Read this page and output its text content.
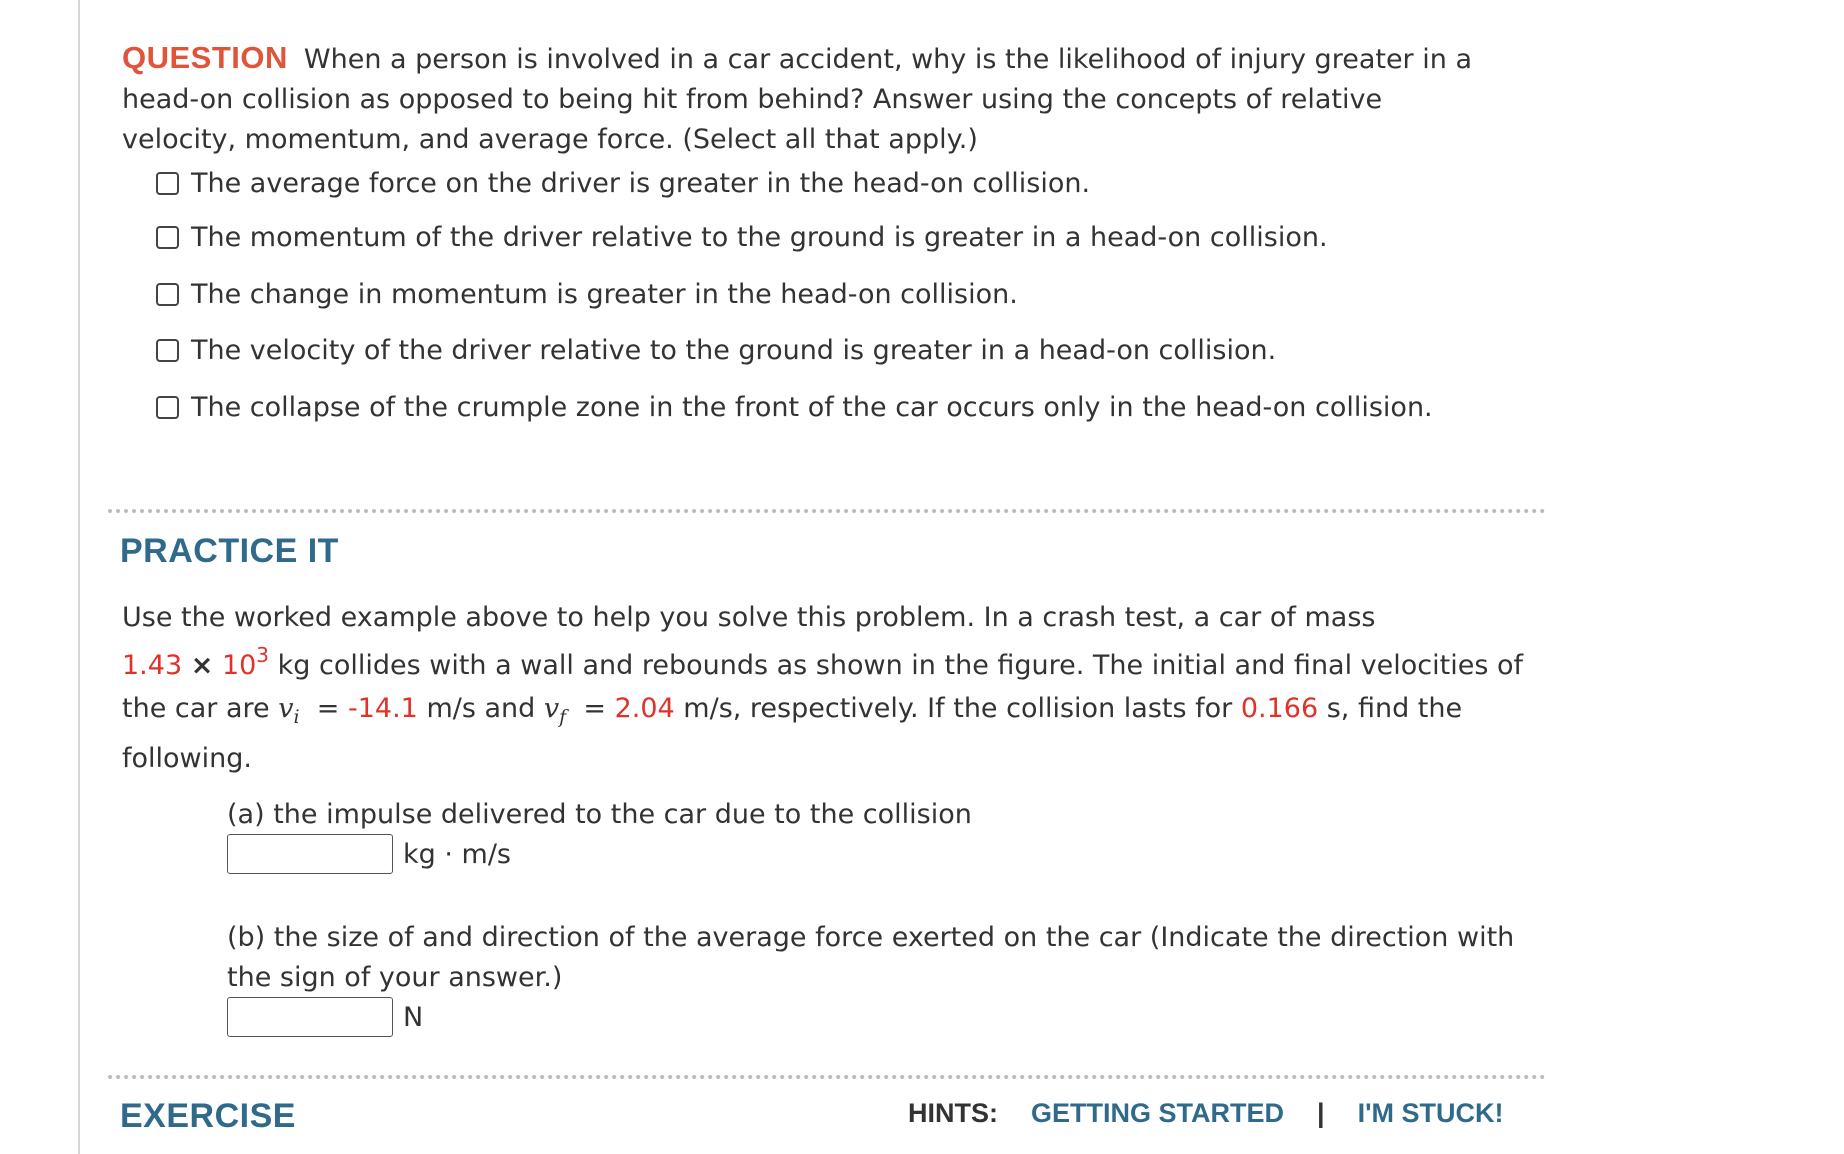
QUESTION When a person is involved in a car accident, why is the likelihood of injury greater in a head-on collision as opposed to being hit from behind? Answer using the concepts of relative velocity, momentum, and average force. (Select all that apply.)
The average force on the driver is greater in the head-on collision.
The momentum of the driver relative to the ground is greater in a head-on collision.
The change in momentum is greater in the head-on collision.
The velocity of the driver relative to the ground is greater in a head-on collision.
The collapse of the crumple zone in the front of the car occurs only in the head-on collision.
PRACTICE IT
Use the worked example above to help you solve this problem. In a crash test, a car of mass
$1.43 \times 10^3$ kg collides with a wall and rebounds as shown in the figure. The initial and final velocities of
the car are $v_i = -14.1$ m/s and $v_f = 2.04$ m/s, respectively. If the collision lasts for 0.166 s, find the
following.
(a) the impulse delivered to the car due to the collision
kg · m/s
(b) the size of and direction of the average force exerted on the car (Indicate the direction with the sign of your answer.)
N
EXERCISE	HINTS: GETTING STARTED | I'M STUCK!
